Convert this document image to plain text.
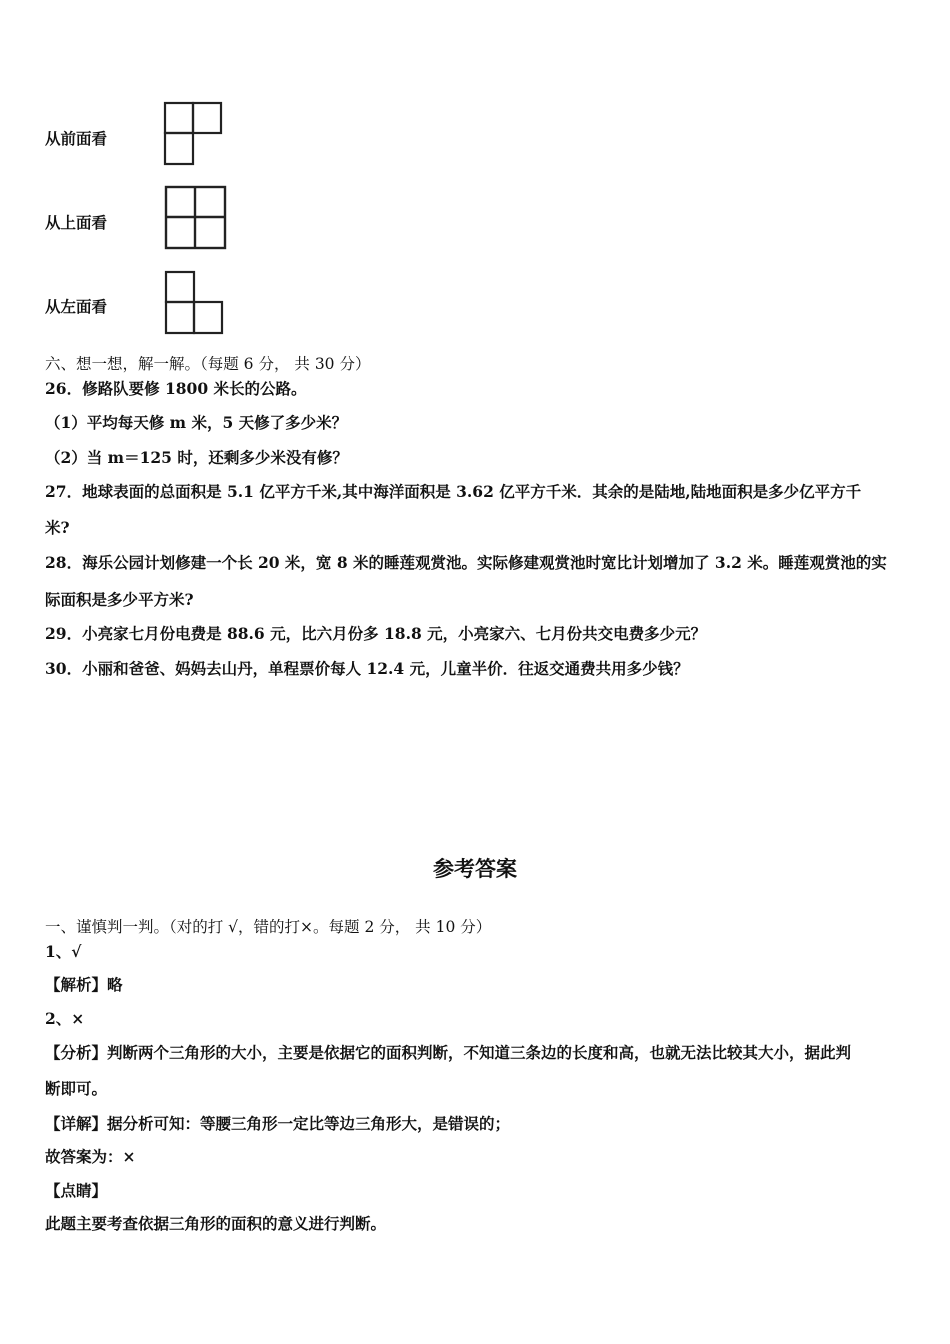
从前面看
从上面看
从左面看
六、想一想，解一解。（每题 6 分， 共 30 分）
26．修路队要修 1800 米长的公路。
（1）平均每天修 m 米，5 天修了多少米？
（2）当 m＝125 时，还剩多少米没有修？
27．地球表面的总面积是 5.1 亿平方千米,其中海洋面积是 3.62 亿平方千米．其余的是陆地,陆地面积是多少亿平方千
米?
28．海乐公园计划修建一个长 20 米，宽 8 米的睡莲观赏池。实际修建观赏池时宽比计划增加了 3.2 米。睡莲观赏池的实
际面积是多少平方米?
29．小亮家七月份电费是 88.6 元，比六月份多 18.8 元，小亮家六、七月份共交电费多少元？
30．小丽和爸爸、妈妈去山丹，单程票价每人 12.4 元，儿童半价．往返交通费共用多少钱？
参考答案
一、谨慎判一判。（对的打 √，错的打×。每题 2 分， 共 10 分）
1、√
【解析】略
2、×
【分析】判断两个三角形的大小，主要是依据它的面积判断，不知道三条边的长度和高，也就无法比较其大小，据此判
断即可。
【详解】据分析可知：等腰三角形一定比等边三角形大，是错误的；
故答案为：×
【点睛】
此题主要考查依据三角形的面积的意义进行判断。
